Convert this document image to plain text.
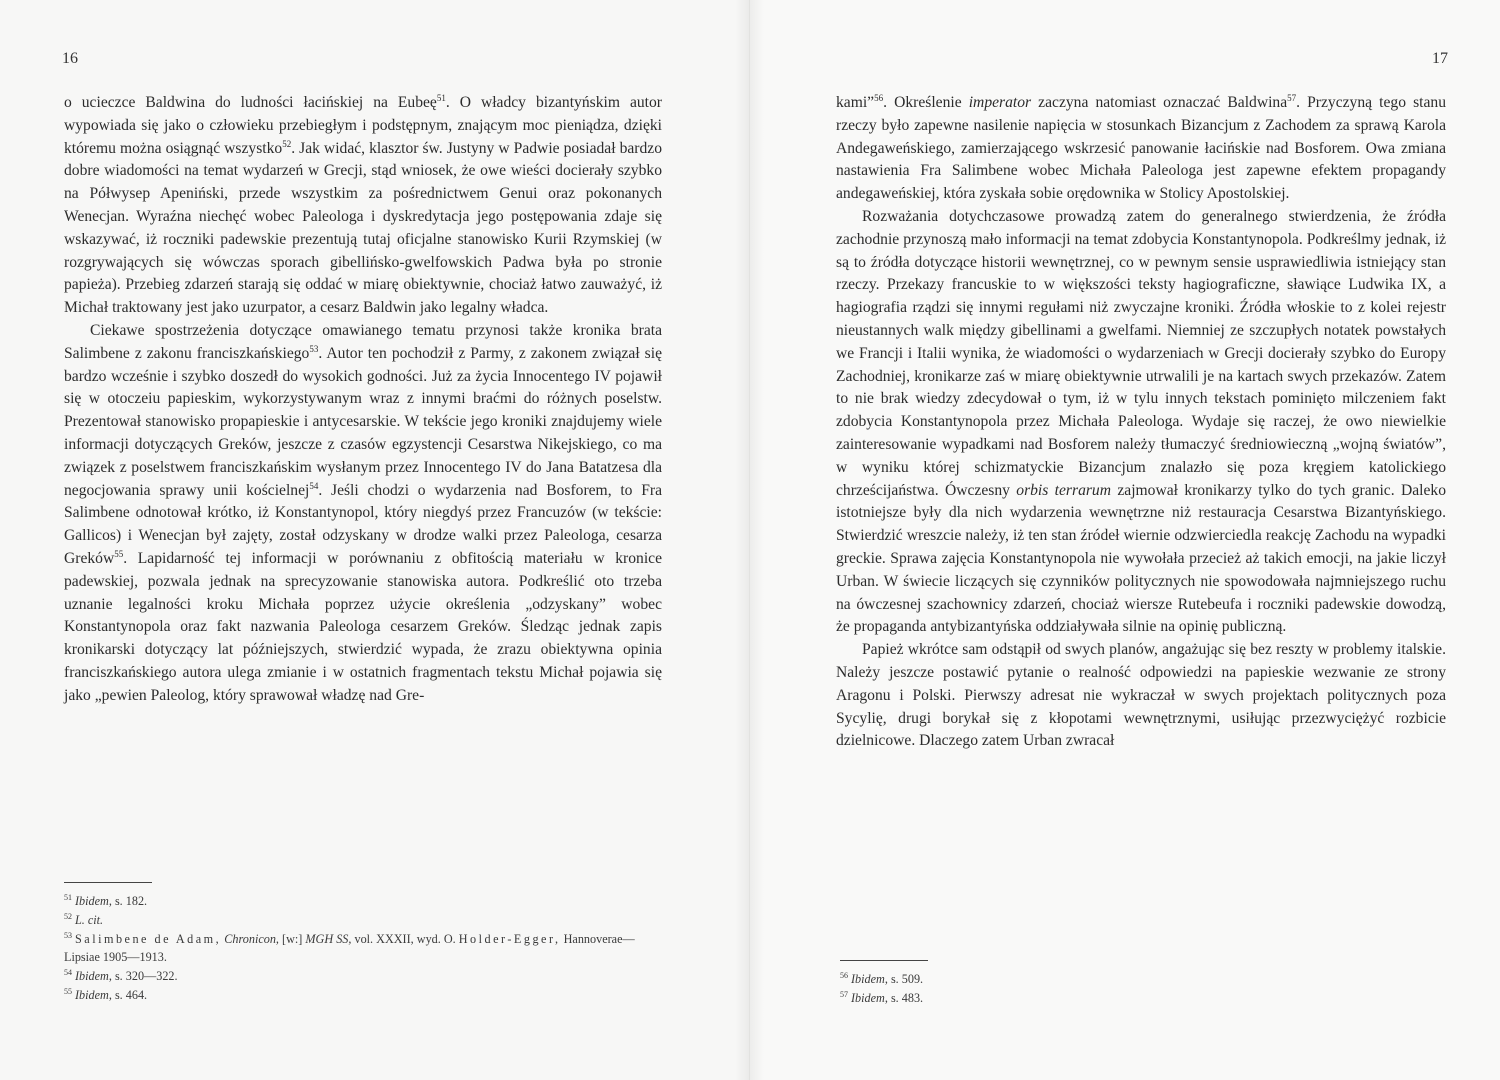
16

o ucieczce Baldwina do ludności łacińskiej na Eubeę$^{51}$. O władcy bizantyńskim autor wypowiada się jako o człowieku przebiegłym i podstępnym, znającym moc pieniądza, dzięki któremu można osiągnąć wszystko$^{52}$. Jak widać, klasztor św. Justyny w Padwie posiadał bardzo dobre wiadomości na temat wydarzeń w Grecji, stąd wniosek, że owe wieści docierały szybko na Półwysep Apeniński, przede wszystkim za pośrednictwem Genui oraz pokonanych Wenecjan. Wyraźna niechęć wobec Paleologa i dyskredytacja jego postępowania zdaje się wskazywać, iż roczniki padewskie prezentują tutaj oficjalne stanowisko Kurii Rzymskiej (w rozgrywających się wówczas sporach gibellińsko-gwelfowskich Padwa była po stronie papieża). Przebieg zdarzeń starają się oddać w miarę obiektywnie, chociaż łatwo zauważyć, iż Michał traktowany jest jako uzurpator, a cesarz Baldwin jako legalny władca.

Ciekawe spostrzeżenia dotyczące omawianego tematu przynosi także kronika brata Salimbene z zakonu franciszkańskiego$^{53}$. Autor ten pochodził z Parmy, z zakonem związał się bardzo wcześnie i szybko doszedł do wysokich godności. Już za życia Innocentego IV pojawił się w otoczeiu papieskim, wykorzystywanym wraz z innymi braćmi do różnych poselstw. Prezentował stanowisko propapieskie i antycesarskie. W tekście jego kroniki znajdujemy wiele informacji dotyczących Greków, jeszcze z czasów egzystencji Cesarstwa Nikejskiego, co ma związek z poselstwem franciszkańskim wysłanym przez Innocentego IV do Jana Batatzesa dla negocjowania sprawy unii kościelnej$^{54}$. Jeśli chodzi o wydarzenia nad Bosforem, to Fra Salimbene odnotował krótko, iż Konstantynopol, który niegdyś przez Francuzów (w tekście: Gallicos) i Wenecjan był zajęty, został odzyskany w drodze walki przez Paleologa, cesarza Greków$^{55}$. Lapidarność tej informacji w porównaniu z obfitością materiału w kronice padewskiej, pozwala jednak na sprecyzowanie stanowiska autora. Podkreślić oto trzeba uznanie legalności kroku Michała poprzez użycie określenia „odzyskany” wobec Konstantynopola oraz fakt nazwania Paleologa cesarzem Greków. Śledząc jednak zapis kronikarski dotyczący lat późniejszych, stwierdzić wypada, że zrazu obiektywna opinia franciszkańskiego autora ulega zmianie i w ostatnich fragmentach tekstu Michał pojawia się jako „pewien Paleolog, który sprawował władzę nad Gre-

$^{51}$ Ibidem, s. 182.

$^{52}$ L. cit.

$^{53}$ Salimbene de Adam, Chronicon, [w:] MGH SS, vol. XXXII, wyd. O. Holder-Egger, Hannoverae—Lipsiae 1905—1913.

$^{54}$ Ibidem, s. 320—322.

$^{55}$ Ibidem, s. 464.

17

kami”$^{56}$. Określenie imperator zaczyna natomiast oznaczać Baldwina$^{57}$. Przyczyną tego stanu rzeczy było zapewne nasilenie napięcia w stosunkach Bizancjum z Zachodem za sprawą Karola Andegaweńskiego, zamierzającego wskrzesić panowanie łacińskie nad Bosforem. Owa zmiana nastawienia Fra Salimbene wobec Michała Paleologa jest zapewne efektem propagandy andegaweńskiej, która zyskała sobie orędownika w Stolicy Apostolskiej.

Rozważania dotychczasowe prowadzą zatem do generalnego stwierdzenia, że źródła zachodnie przynoszą mało informacji na temat zdobycia Konstantynopola. Podkreślmy jednak, iż są to źródła dotyczące historii wewnętrznej, co w pewnym sensie usprawiedliwia istniejący stan rzeczy. Przekazy francuskie to w większości teksty hagiograficzne, sławiące Ludwika IX, a hagiografia rządzi się innymi regułami niż zwyczajne kroniki. Źródła włoskie to z kolei rejestr nieustannych walk między gibellinami a gwelfami. Niemniej ze szczupłych notatek powstałych we Francji i Italii wynika, że wiadomości o wydarzeniach w Grecji docierały szybko do Europy Zachodniej, kronikarze zaś w miarę obiektywnie utrwalili je na kartach swych przekazów. Zatem to nie brak wiedzy zdecydował o tym, iż w tylu innych tekstach pominięto milczeniem fakt zdobycia Konstantynopola przez Michała Paleologa. Wydaje się raczej, że owo niewielkie zainteresowanie wypadkami nad Bosforem należy tłumaczyć średniowieczną „wojną światów”, w wyniku której schizmatyckie Bizancjum znalazło się poza kręgiem katolickiego chrześcijaństwa. Ówczesny orbis terrarum zajmował kronikarzy tylko do tych granic. Daleko istotniejsze były dla nich wydarzenia wewnętrzne niż restauracja Cesarstwa Bizantyńskiego. Stwierdzić wreszcie należy, iż ten stan źródeł wiernie odzwierciedla reakcję Zachodu na wypadki greckie. Sprawa zajęcia Konstantynopola nie wywołała przecież aż takich emocji, na jakie liczył Urban. W świecie liczących się czynników politycznych nie spowodowała najmniejszego ruchu na ówczesnej szachownicy zdarzeń, chociaż wiersze Rutebeufa i roczniki padewskie dowodzą, że propaganda antybizantyńska oddziaływała silnie na opinię publiczną.

Papież wkrótce sam odstąpił od swych planów, angażując się bez reszty w problemy italskie. Należy jeszcze postawić pytanie o realność odpowiedzi na papieskie wezwanie ze strony Aragonu i Polski. Pierwszy adresat nie wykraczał w swych projektach politycznych poza Sycylię, drugi borykał się z kłopotami wewnętrznymi, usiłując przezwyciężyć rozbicie dzielnicowe. Dlaczego zatem Urban zwracał

$^{56}$ Ibidem, s. 509.

$^{57}$ Ibidem, s. 483.
